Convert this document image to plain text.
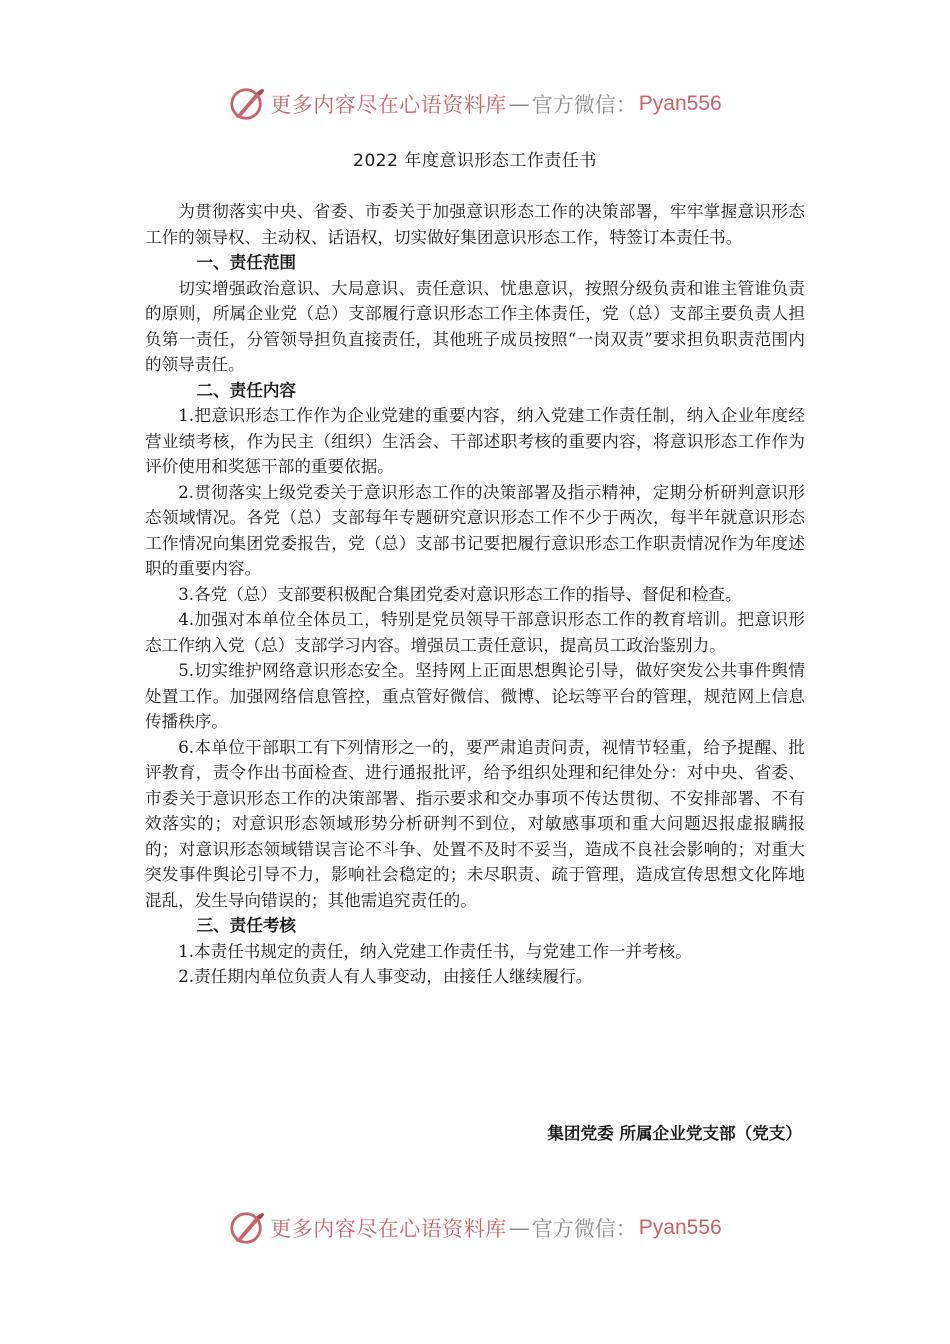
更多内容尽在心语资料库 — 官方微信： Pyan556
2022 年度意识形态工作责任书

为贯彻落实中央、省委、市委关于加强意识形态工作的决策部署，牢牢掌握意识形态工作的领导权、主动权、话语权，切实做好集团意识形态工作，特签订本责任书。

一、责任范围

切实增强政治意识、大局意识、责任意识、忧患意识，按照分级负责和谁主管谁负责的原则，所属企业党（总）支部履行意识形态工作主体责任，党（总）支部主要负责人担负第一责任，分管领导担负直接责任，其他班子成员按照“一岗双责”要求担负职责范围内的领导责任。

二、责任内容

1.把意识形态工作作为企业党建的重要内容，纳入党建工作责任制，纳入企业年度经营业绩考核，作为民主（组织）生活会、干部述职考核的重要内容，将意识形态工作作为评价使用和奖惩干部的重要依据。

2.贯彻落实上级党委关于意识形态工作的决策部署及指示精神，定期分析研判意识形态领域情况。各党（总）支部每年专题研究意识形态工作不少于两次，每半年就意识形态工作情况向集团党委报告，党（总）支部书记要把履行意识形态工作职责情况作为年度述职的重要内容。

3.各党（总）支部要积极配合集团党委对意识形态工作的指导、督促和检查。

4.加强对本单位全体员工，特别是党员领导干部意识形态工作的教育培训。把意识形态工作纳入党（总）支部学习内容。增强员工责任意识，提高员工政治鉴别力。

5.切实维护网络意识形态安全。坚持网上正面思想舆论引导，做好突发公共事件舆情处置工作。加强网络信息管控，重点管好微信、微博、论坛等平台的管理，规范网上信息传播秩序。

6.本单位干部职工有下列情形之一的，要严肃追责问责，视情节轻重，给予提醒、批评教育，责令作出书面检查、进行通报批评，给予组织处理和纪律处分：对中央、省委、市委关于意识形态工作的决策部署、指示要求和交办事项不传达贯彻、不安排部署、不有效落实的；对意识形态领域形势分析研判不到位，对敏感事项和重大问题迟报虚报瞒报的；对意识形态领域错误言论不斗争、处置不及时不妥当，造成不良社会影响的；对重大突发事件舆论引导不力，影响社会稳定的；未尽职责、疏于管理，造成宣传思想文化阵地混乱，发生导向错误的；其他需追究责任的。

三、责任考核

1.本责任书规定的责任，纳入党建工作责任书，与党建工作一并考核。

2.责任期内单位负责人有人事变动，由接任人继续履行。

集团党委 所属企业党支部（党支）
更多内容尽在心语资料库 — 官方微信： Pyan556
